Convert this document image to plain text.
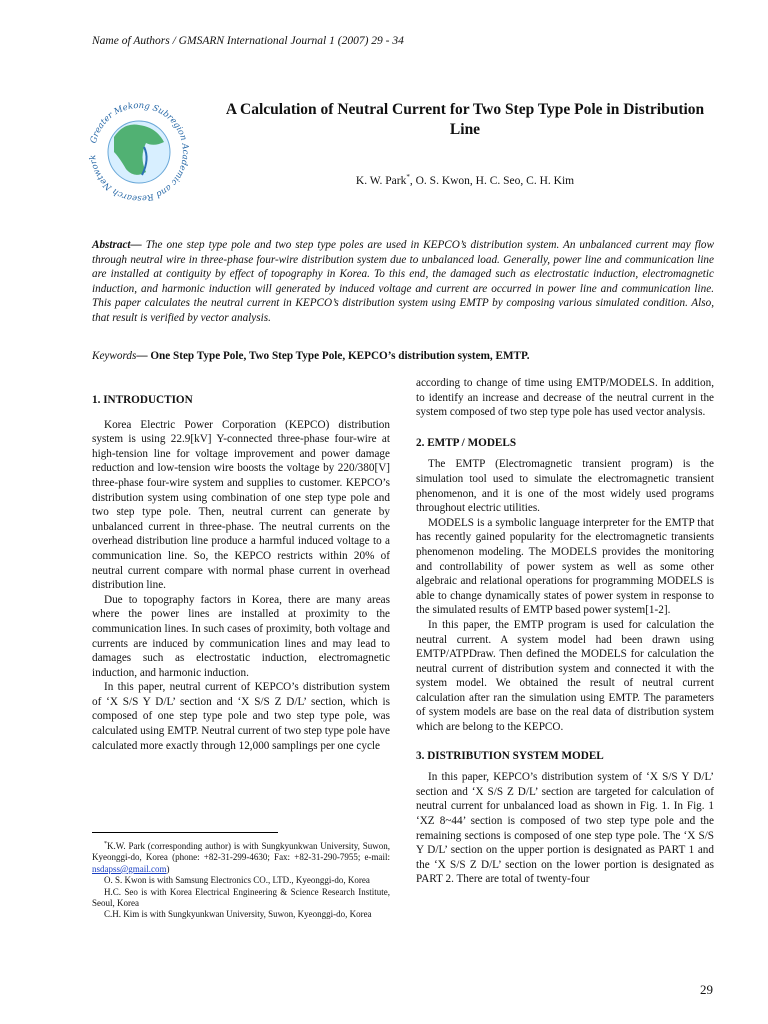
Name of Authors / GMSARN International Journal 1 (2007) 29 - 34
Greater Mekong Subregion Academic and Research Network
A Calculation of Neutral Current for Two Step Type Pole in Distribution Line
K. W. Park*, O. S. Kwon, H. C. Seo, C. H. Kim
Abstract— The one step type pole and two step type poles are used in KEPCO’s distribution system. An unbalanced current may flow through neutral wire in three-phase four-wire distribution system due to unbalanced load. Generally, power line and communication line are installed at contiguity by effect of topography in Korea. To this end, the damaged such as electrostatic induction, electromagnetic induction, and harmonic induction will generated by induced voltage and current are occurred in power line and communication line. This paper calculates the neutral current in KEPCO’s distribution system using EMTP by composing various simulated condition. Also, that result is verified by vector analysis.
Keywords— One Step Type Pole, Two Step Type Pole, KEPCO’s distribution system, EMTP.
1. INTRODUCTION

Korea Electric Power Corporation (KEPCO) distribution system is using 22.9[kV] Y-connected three-phase four-wire at high-tension line for voltage improvement and power damage reduction and low-tension wire boosts the voltage by 220/380[V] three-phase four-wire system and supplies to customer. KEPCO’s distribution system using combination of one step type pole and two step type pole. Then, neutral current can generate by unbalanced current in three-phase. The neutral currents on the overhead distribution line produce a harmful induced voltage to a communication line. So, the KEPCO restricts within 20% of neutral current compare with normal phase current in overhead distribution line.

Due to topography factors in Korea, there are many areas where the power lines are installed at proximity to the communication lines. In such cases of proximity, both voltage and currents are induced by communication lines and may lead to damages such as electrostatic induction, electromagnetic induction, and harmonic induction.

In this paper, neutral current of KEPCO’s distribution system of ‘X S/S Y D/L’ section and ‘X S/S Z D/L’ section, which is composed of one step type pole and two step type pole, was calculated using EMTP. Neutral current of two step type pole have calculated more exactly through 12,000 samplings per one cycle

*K.W. Park (corresponding author) is with Sungkyunkwan University, Suwon, Kyeonggi-do, Korea (phone: +82-31-299-4630; Fax: +82-31-290-7955; e-mail: nsdapss@gmail.com)

O. S. Kwon is with Samsung Electronics CO., LTD., Kyeonggi-do, Korea

H.C. Seo is with Korea Electrical Engineering & Science Research Institute, Seoul, Korea

C.H. Kim is with Sungkyunkwan University, Suwon, Kyeonggi-do, Korea

according to change of time using EMTP/MODELS. In addition, to identify an increase and decrease of the neutral current in the system composed of two step type pole has used vector analysis.

2. EMTP / MODELS

The EMTP (Electromagnetic transient program) is the simulation tool used to simulate the electromagnetic transient phenomenon, and it is one of the most widely used programs throughout electric utilities.

MODELS is a symbolic language interpreter for the EMTP that has recently gained popularity for the electromagnetic transients phenomenon modeling. The MODELS provides the monitoring and controllability of power system as well as some other algebraic and relational operations for programming MODELS is able to change dynamically states of power system in response to the simulated results of EMTP based power system[1-2].

In this paper, the EMTP program is used for calculation the neutral current. A system model had been drawn using EMTP/ATPDraw. Then defined the MODELS for calculation the neutral current of distribution system and connected it with the system model. We obtained the result of neutral current calculation after ran the simulation using EMTP. The parameters of system models are base on the real data of distribution system which are belong to the KEPCO.

3. DISTRIBUTION SYSTEM MODEL

In this paper, KEPCO’s distribution system of ‘X S/S Y D/L’ section and ‘X S/S Z D/L’ section are targeted for calculation of neutral current for unbalanced load as shown in Fig. 1. In Fig. 1 ‘XZ 8~44’ section is composed of two step type pole and the remaining sections is composed of one step type pole. The ‘X S/S Y D/L’ section on the upper portion is designated as PART 1 and the ‘X S/S Z D/L’ section on the lower portion is designated as PART 2. There are total of twenty-four

29
